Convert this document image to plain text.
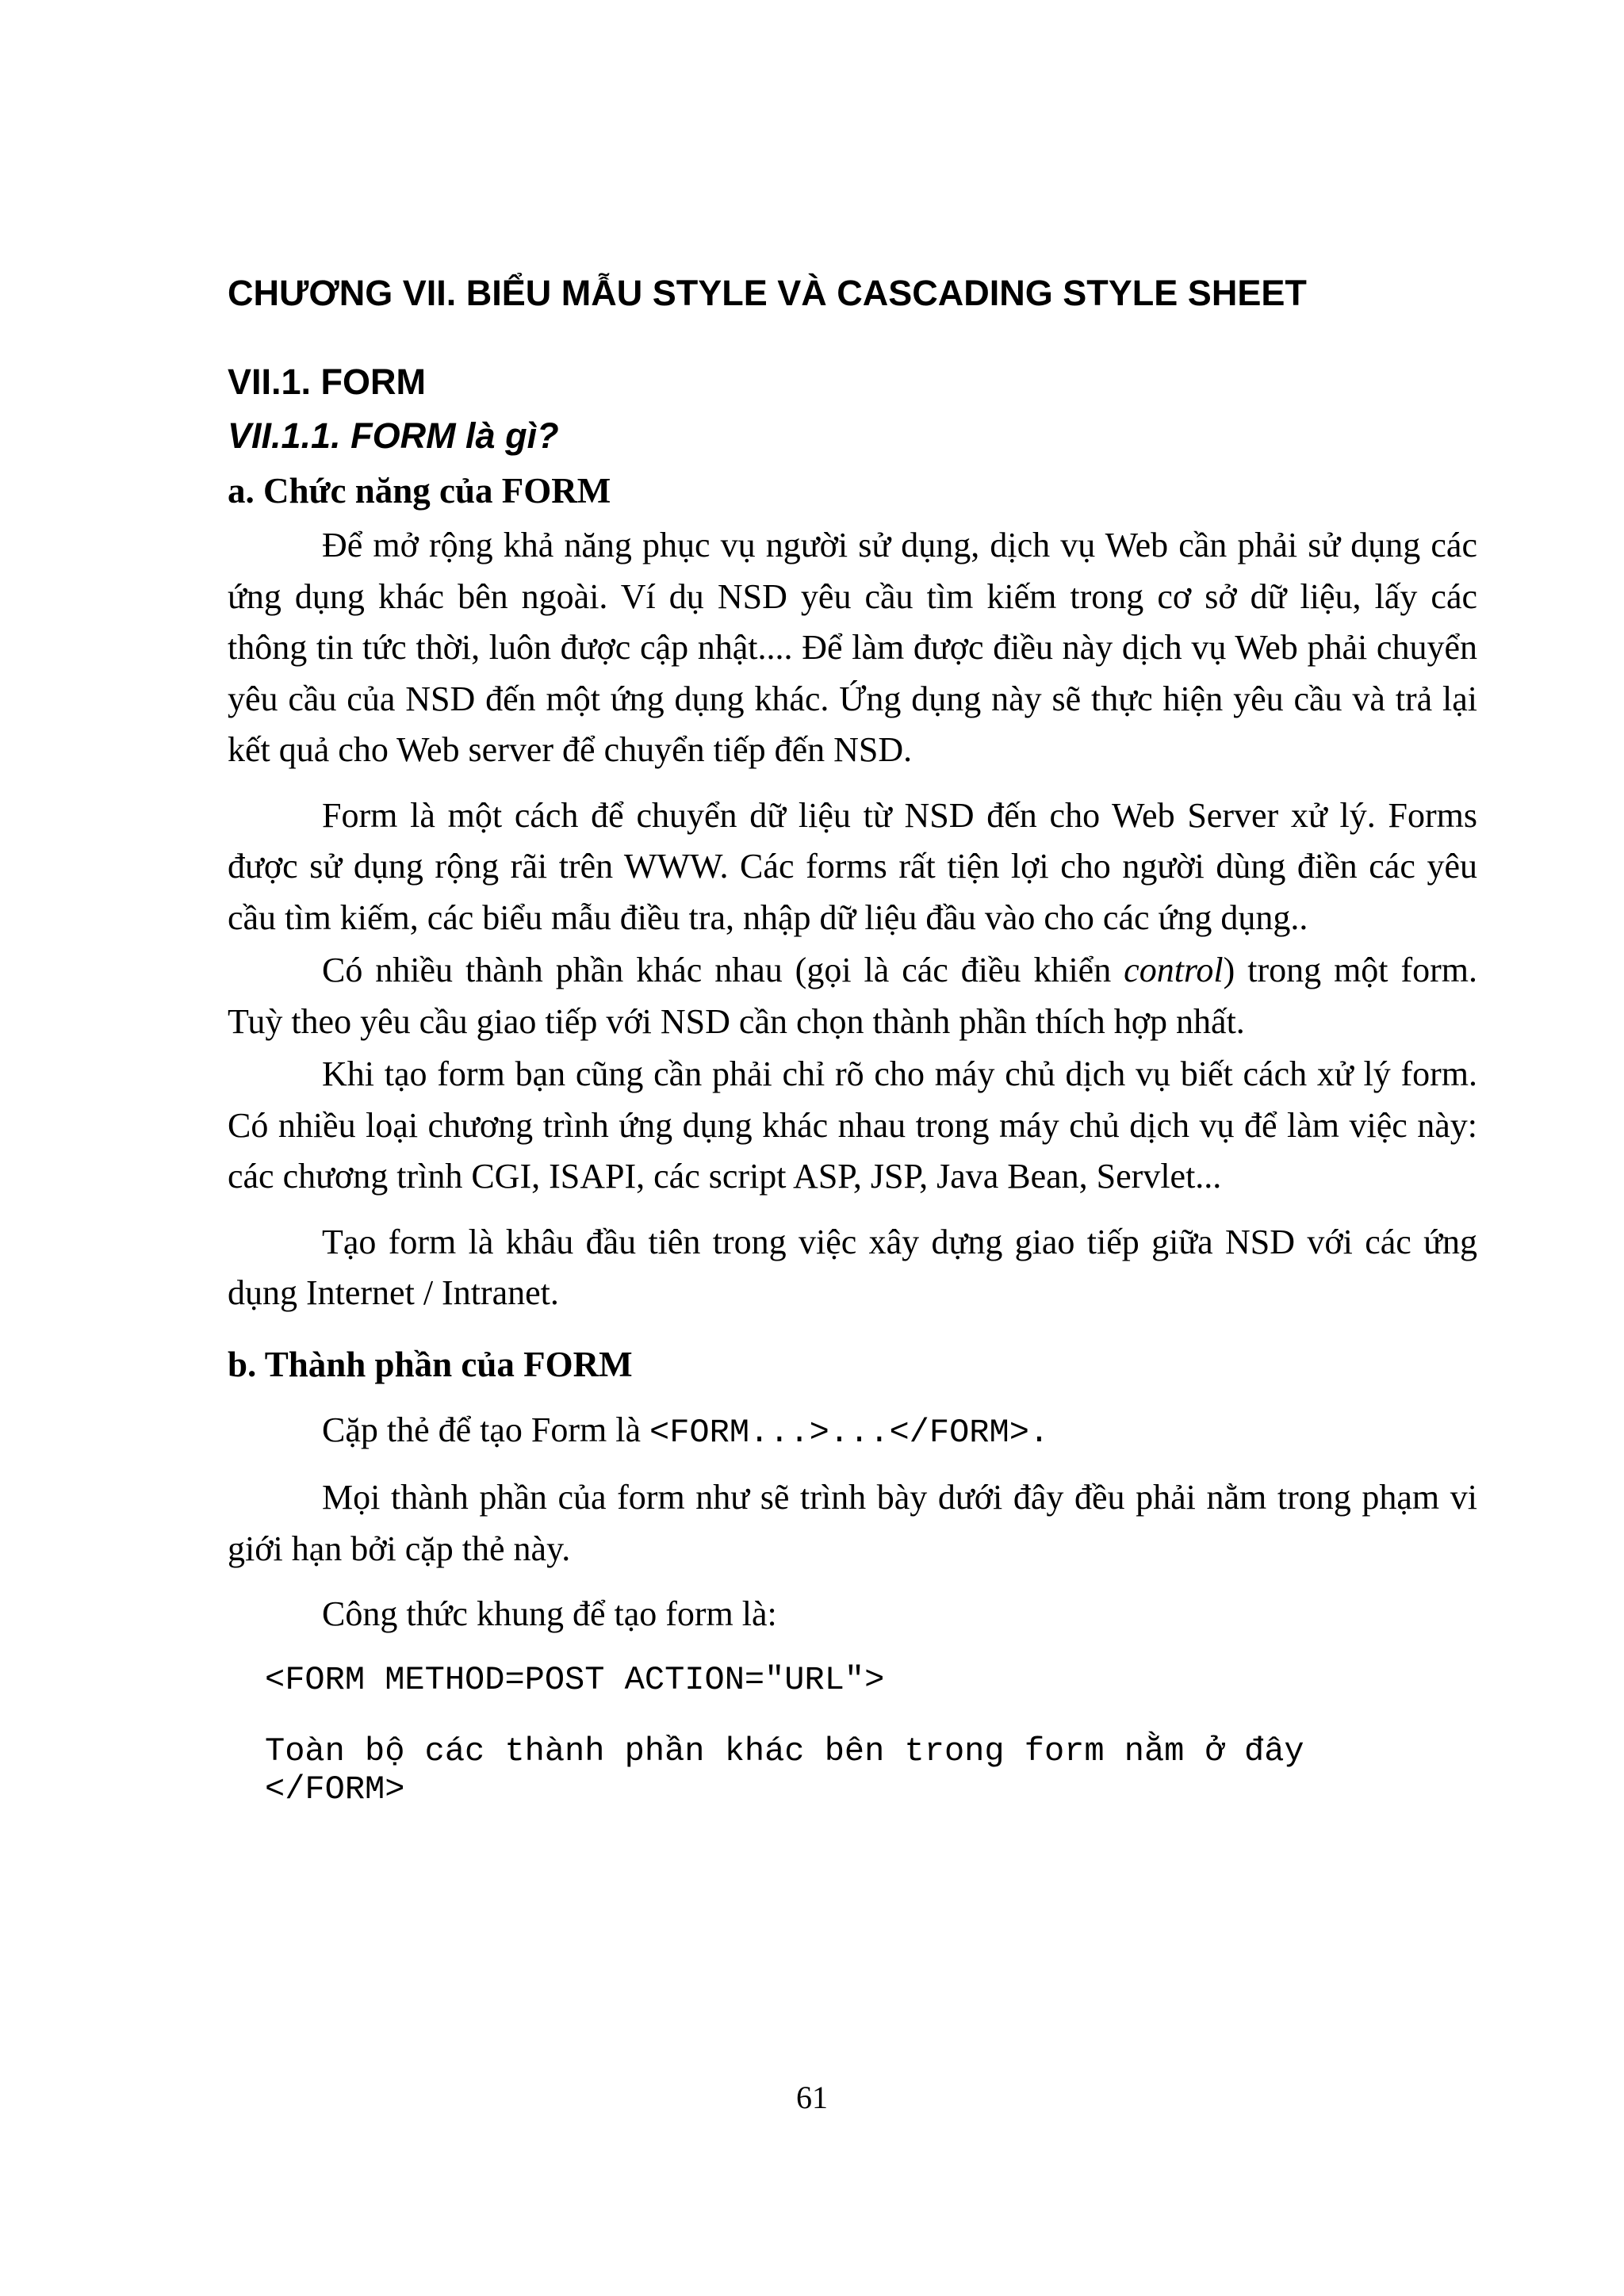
CHƯƠNG VII. BIỂU MẪU STYLE VÀ CASCADING STYLE SHEET
VII.1. FORM
VII.1.1. FORM là gì?
a. Chức năng của FORM

Để mở rộng khả năng phục vụ người sử dụng, dịch vụ Web cần phải sử dụng các ứng dụng khác bên ngoài. Ví dụ NSD yêu cầu tìm kiếm trong cơ sở dữ liệu, lấy các thông tin tức thời, luôn được cập nhật.... Để làm được điều này dịch vụ Web phải chuyển yêu cầu của NSD đến một ứng dụng khác. Ứng dụng này sẽ thực hiện yêu cầu và trả lại kết quả cho Web server để chuyển tiếp đến NSD.

Form là một cách để chuyển dữ liệu từ NSD đến cho Web Server xử lý. Forms được sử dụng rộng rãi trên WWW. Các forms rất tiện lợi cho người dùng điền các yêu cầu tìm kiếm, các biểu mẫu điều tra, nhập dữ liệu đầu vào cho các ứng dụng..

Có nhiều thành phần khác nhau (gọi là các điều khiển control) trong một form. Tuỳ theo yêu cầu giao tiếp với NSD cần chọn thành phần thích hợp nhất.

Khi tạo form bạn cũng cần phải chỉ rõ cho máy chủ dịch vụ biết cách xử lý form. Có nhiều loại chương trình ứng dụng khác nhau trong máy chủ dịch vụ để làm việc này: các chương trình CGI, ISAPI, các script ASP, JSP, Java Bean, Servlet...

Tạo form là khâu đầu tiên trong việc xây dựng giao tiếp giữa NSD với các ứng dụng Internet / Intranet.

b. Thành phần của FORM

Cặp thẻ để tạo Form là <FORM...>...</FORM>.

Mọi thành phần của form như sẽ trình bày dưới đây đều phải nằm trong phạm vi giới hạn bởi cặp thẻ này.

Công thức khung để tạo form là:

<FORM METHOD=POST ACTION="URL">
Toàn bộ các thành phần khác bên trong form nằm ở đây
</FORM>
61
